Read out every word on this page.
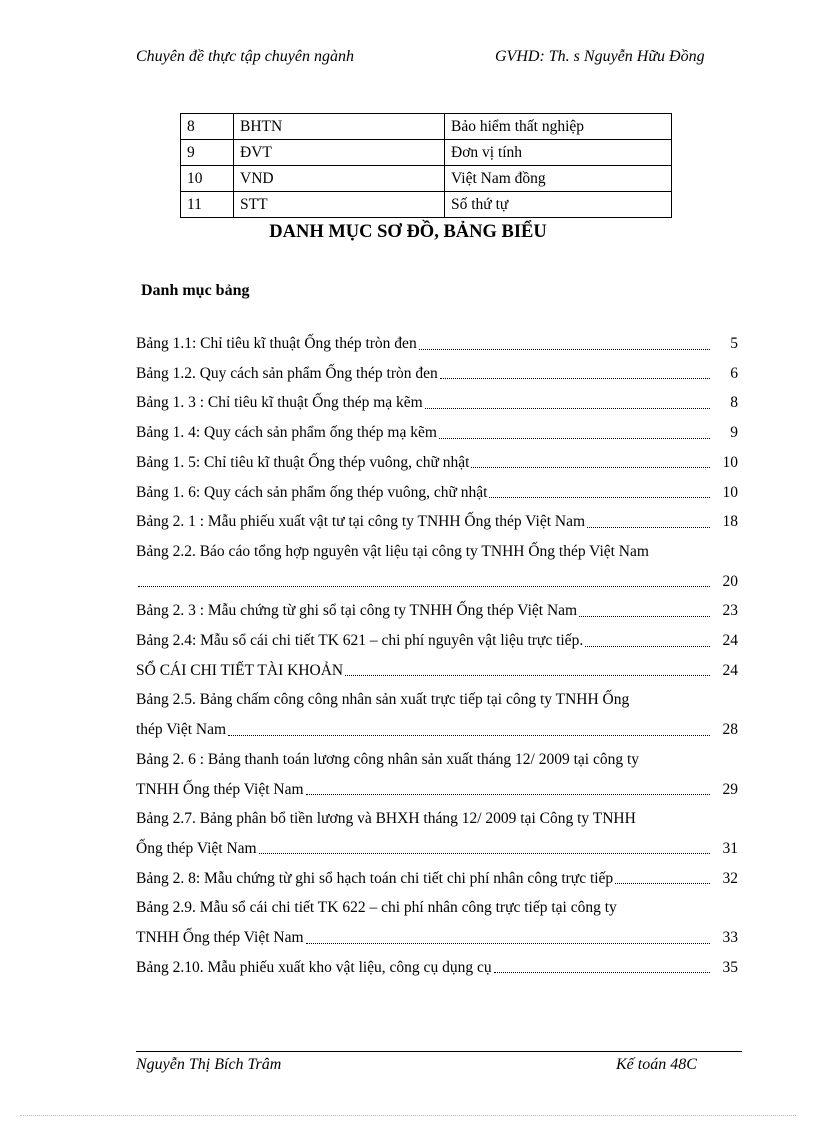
Chuyên đề thực tập chuyên ngành	GVHD: Th. s Nguyễn Hữu Đồng
8	BHTN	Bảo hiểm thất nghiệp
9	ĐVT	Đơn vị tính
10	VND	Việt Nam đồng
11	STT	Số thứ tự
DANH MỤC SƠ ĐỒ, BẢNG BIỂU
Danh mục bảng
Bảng 1.1: Chỉ tiêu kĩ thuật Ống thép tròn đen	5
Bảng 1.2. Quy cách sản phẩm Ống thép tròn đen	6
Bảng 1. 3 : Chỉ tiêu kĩ thuật Ống thép mạ kẽm	8
Bảng 1. 4: Quy cách sản phẩm ống thép mạ kẽm	9
Bảng 1. 5: Chỉ tiêu kĩ thuật Ống thép vuông, chữ nhật	10
Bảng 1. 6: Quy cách sản phẩm ống thép vuông, chữ nhật	10
Bảng 2. 1 : Mẫu phiếu xuất vật tư tại công ty TNHH Ống thép Việt Nam	18
Bảng 2.2. Báo cáo tổng hợp nguyên vật liệu tại công ty TNHH Ống thép Việt Nam
20
Bảng 2. 3 : Mẫu chứng từ ghi sổ tại công ty TNHH Ống thép Việt Nam	23
Bảng 2.4: Mẫu sổ cái chi tiết TK 621 – chi phí nguyên vật liệu trực tiếp.	24
SỔ CÁI CHI TIẾT TÀI KHOẢN	24
Bảng 2.5. Bảng chấm công công nhân sản xuất trực tiếp tại công ty TNHH Ống
thép Việt Nam	28
Bảng 2. 6 : Bảng thanh toán lương công nhân sản xuất tháng 12/ 2009 tại công ty
TNHH Ống thép Việt Nam	29
Bảng 2.7. Bảng phân bổ tiền lương và BHXH tháng 12/ 2009 tại Công ty TNHH
Ống thép Việt Nam	31
Bảng 2. 8: Mẫu chứng từ ghi sổ hạch toán chi tiết chi phí nhân công trực tiếp	32
Bảng 2.9. Mẫu sổ cái chi tiết TK 622 – chi phí nhân công trực tiếp tại công ty
TNHH Ống thép Việt Nam	33
Bảng 2.10. Mẫu phiếu xuất kho vật liệu, công cụ dụng cụ	35
Nguyễn Thị Bích Trâm	Kế toán 48C
